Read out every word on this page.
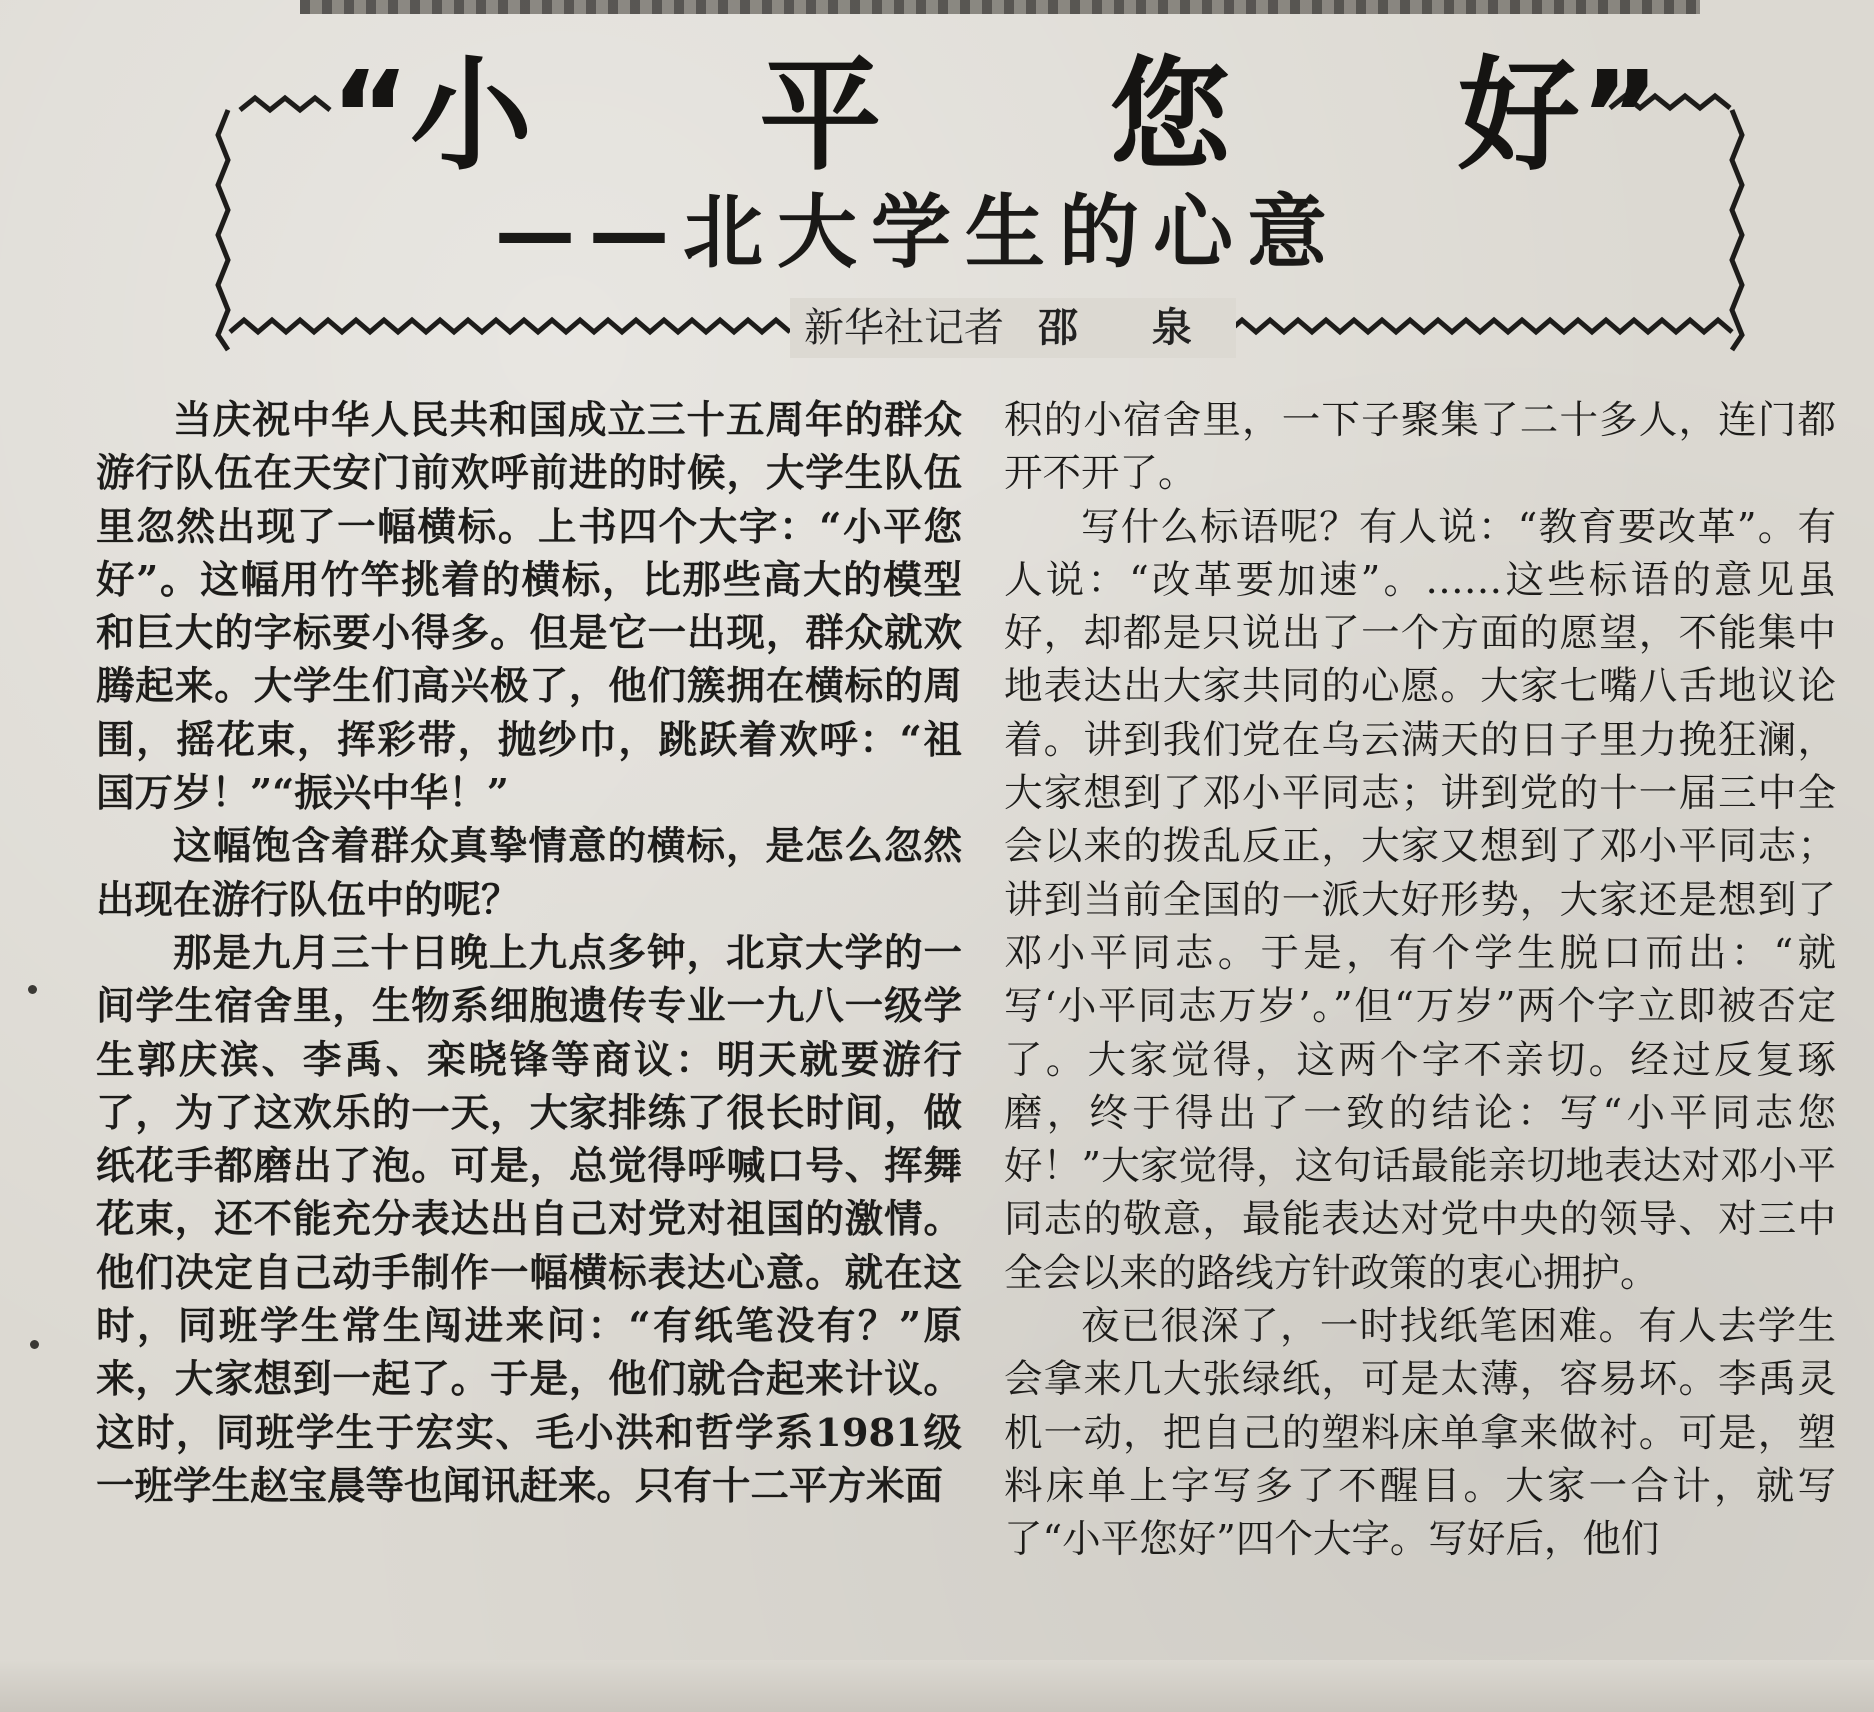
“小 平 您 好”
——北大学生的心意
新华社记者 邵 泉

当庆祝中华人民共和国成立三十五周年的群众游行队伍在天安门前欢呼前进的时候，大学生队伍里忽然出现了一幅横标。上书四个大字：“小平您好”。这幅用竹竿挑着的横标，比那些高大的模型和巨大的字标要小得多。但是它一出现，群众就欢腾起来。大学生们高兴极了，他们簇拥在横标的周围，摇花束，挥彩带，抛纱巾，跳跃着欢呼：“祖国万岁！”“振兴中华！”

这幅饱含着群众真挚情意的横标，是怎么忽然出现在游行队伍中的呢？

那是九月三十日晚上九点多钟，北京大学的一间学生宿舍里，生物系细胞遗传专业一九八一级学生郭庆滨、李禹、栾晓锋等商议：明天就要游行了，为了这欢乐的一天，大家排练了很长时间，做纸花手都磨出了泡。可是，总觉得呼喊口号、挥舞花束，还不能充分表达出自己对党对祖国的激情。他们决定自己动手制作一幅横标表达心意。就在这时，同班学生常生闯进来问：“有纸笔没有？”原来，大家想到一起了。于是，他们就合起来计议。这时，同班学生于宏实、毛小洪和哲学系1981级一班学生赵宝晨等也闻讯赶来。只有十二平方米面

积的小宿舍里，一下子聚集了二十多人，连门都开不开了。

写什么标语呢？有人说：“教育要改革”。有人说：“改革要加速”。……这些标语的意见虽好，却都是只说出了一个方面的愿望，不能集中地表达出大家共同的心愿。大家七嘴八舌地议论着。讲到我们党在乌云满天的日子里力挽狂澜，大家想到了邓小平同志；讲到党的十一届三中全会以来的拨乱反正，大家又想到了邓小平同志；讲到当前全国的一派大好形势，大家还是想到了邓小平同志。于是，有个学生脱口而出：“就写‘小平同志万岁’。”但“万岁”两个字立即被否定了。大家觉得，这两个字不亲切。经过反复琢磨，终于得出了一致的结论：写“小平同志您好！”大家觉得，这句话最能亲切地表达对邓小平同志的敬意，最能表达对党中央的领导、对三中全会以来的路线方针政策的衷心拥护。

夜已很深了，一时找纸笔困难。有人去学生会拿来几大张绿纸，可是太薄，容易坏。李禹灵机一动，把自己的塑料床单拿来做衬。可是，塑料床单上字写多了不醒目。大家一合计，就写了“小平您好”四个大字。写好后，他们
